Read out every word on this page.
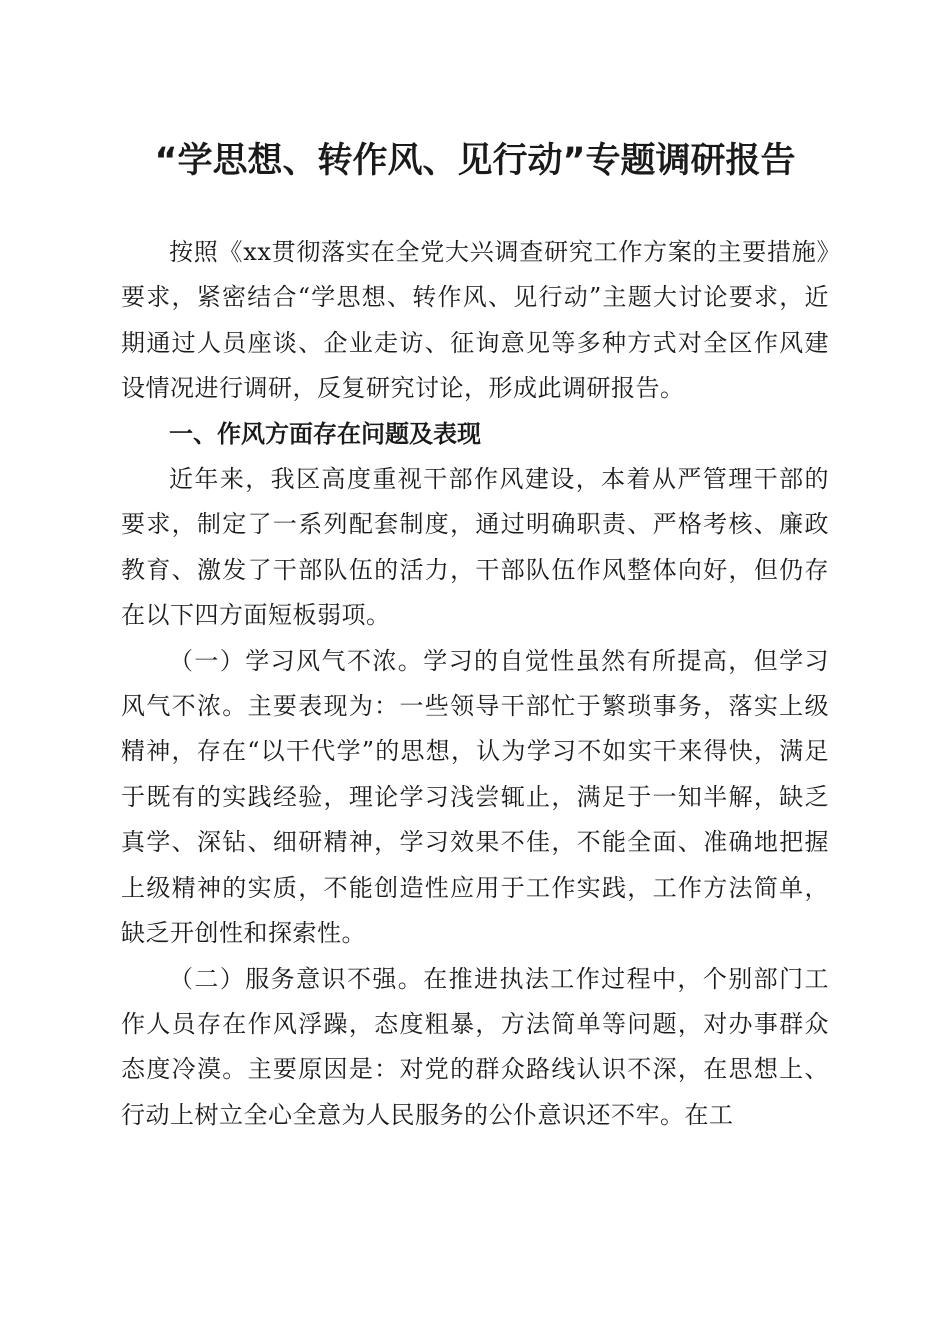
“学思想、转作风、见行动”专题调研报告

按照《xx贯彻落实在全党大兴调查研究工作方案的主要措施》要求，紧密结合“学思想、转作风、见行动”主题大讨论要求，近期通过人员座谈、企业走访、征询意见等多种方式对全区作风建设情况进行调研，反复研究讨论，形成此调研报告。

一、作风方面存在问题及表现

近年来，我区高度重视干部作风建设，本着从严管理干部的要求，制定了一系列配套制度，通过明确职责、严格考核、廉政教育、激发了干部队伍的活力，干部队伍作风整体向好，但仍存在以下四方面短板弱项。

（一）学习风气不浓。学习的自觉性虽然有所提高，但学习风气不浓。主要表现为：一些领导干部忙于繁琐事务，落实上级精神，存在“以干代学”的思想，认为学习不如实干来得快，满足于既有的实践经验，理论学习浅尝辄止，满足于一知半解，缺乏真学、深钻、细研精神，学习效果不佳，不能全面、准确地把握上级精神的实质，不能创造性应用于工作实践，工作方法简单，缺乏开创性和探索性。

（二）服务意识不强。在推进执法工作过程中，个别部门工作人员存在作风浮躁，态度粗暴，方法简单等问题，对办事群众态度冷漠。主要原因是：对党的群众路线认识不深，在思想上、行动上树立全心全意为人民服务的公仆意识还不牢。在工
